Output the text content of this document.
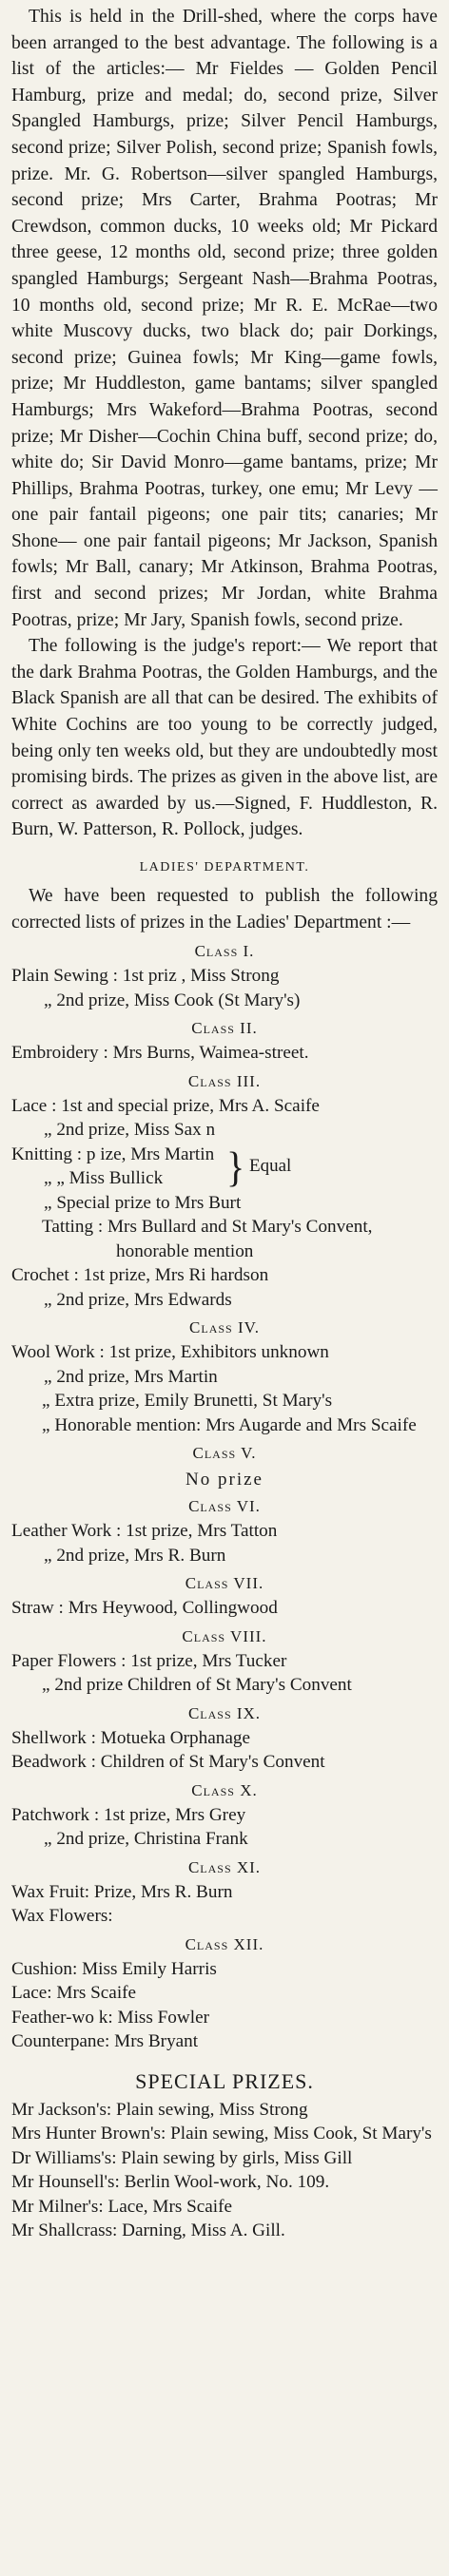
This is held in the Drill-shed, where the corps have been arranged to the best advantage. The following is a list of the articles:— Mr Fieldes — Golden Pencil Hamburg, prize and medal; do, second prize, Silver Spangled Hamburgs, prize; Silver Pencil Hamburgs, second prize; Silver Polish, second prize; Spanish fowls, prize. Mr. G. Robertson—silver spangled Hamburgs, second prize; Mrs Carter, Brahma Pootras; Mr Crewdson, common ducks, 10 weeks old; Mr Pickard three geese, 12 months old, second prize; three golden spangled Hamburgs; Sergeant Nash—Brahma Pootras, 10 months old, second prize; Mr R. E. McRae—two white Muscovy ducks, two black do; pair Dorkings, second prize; Guinea fowls; Mr King—game fowls, prize; Mr Huddleston, game bantams; silver spangled Hamburgs; Mrs Wakeford—Brahma Pootras, second prize; Mr Disher—Cochin China buff, second prize; do, white do; Sir David Monro—game bantams, prize; Mr Phillips, Brahma Pootras, turkey, one emu; Mr Levy — one pair fantail pigeons; one pair tits; canaries; Mr Shone— one pair fantail pigeons; Mr Jackson, Spanish fowls; Mr Ball, canary; Mr Atkinson, Brahma Pootras, first and second prizes; Mr Jordan, white Brahma Pootras, prize; Mr Jary, Spanish fowls, second prize.

The following is the judge's report:— We report that the dark Brahma Pootras, the Golden Hamburgs, and the Black Spanish are all that can be desired. The exhibits of White Cochins are too young to be correctly judged, being only ten weeks old, but they are undoubtedly most promising birds. The prizes as given in the above list, are correct as awarded by us.—Signed, F. Huddleston, R. Burn, W. Patterson, R. Pollock, judges.

LADIES' DEPARTMENT.

We have been requested to publish the following corrected lists of prizes in the Ladies' Department :—

Class I.
Plain Sewing : 1st priz , Miss Strong
„ 2nd prize, Miss Cook (St Mary's)
Class II.
Embroidery : Mrs Burns, Waimea-street.
Class III.
Lace : 1st and special prize, Mrs A. Scaife
„ 2nd prize, Miss Sax n
} Equal
Knitting : p ize, Mrs Martin
„ „ Miss Bullick
„ Special prize to Mrs Burt
Tatting : Mrs Bullard and St Mary's Convent, honorable mention
Crochet : 1st prize, Mrs Ri hardson
„ 2nd prize, Mrs Edwards
Class IV.
Wool Work : 1st prize, Exhibitors unknown
„ 2nd prize, Mrs Martin
„ Extra prize, Emily Brunetti, St Mary's
„ Honorable mention: Mrs Augarde and Mrs Scaife
Class V.
No prize
Class VI.
Leather Work : 1st prize, Mrs Tatton
„ 2nd prize, Mrs R. Burn
Class VII.
Straw : Mrs Heywood, Collingwood
Class VIII.
Paper Flowers : 1st prize, Mrs Tucker
„ 2nd prize Children of St Mary's Convent
Class IX.
Shellwork : Motueka Orphanage
Beadwork : Children of St Mary's Convent
Class X.
Patchwork : 1st prize, Mrs Grey
„ 2nd prize, Christina Frank
Class XI.
Wax Fruit: Prize, Mrs R. Burn
Wax Flowers:
Class XII.
Cushion: Miss Emily Harris
Lace: Mrs Scaife
Feather-wo k: Miss Fowler
Counterpane: Mrs Bryant
SPECIAL PRIZES.
Mr Jackson's: Plain sewing, Miss Strong
Mrs Hunter Brown's: Plain sewing, Miss Cook, St Mary's
Dr Williams's: Plain sewing by girls, Miss Gill
Mr Hounsell's: Berlin Wool-work, No. 109.
Mr Milner's: Lace, Mrs Scaife
Mr Shallcrass: Darning, Miss A. Gill.
